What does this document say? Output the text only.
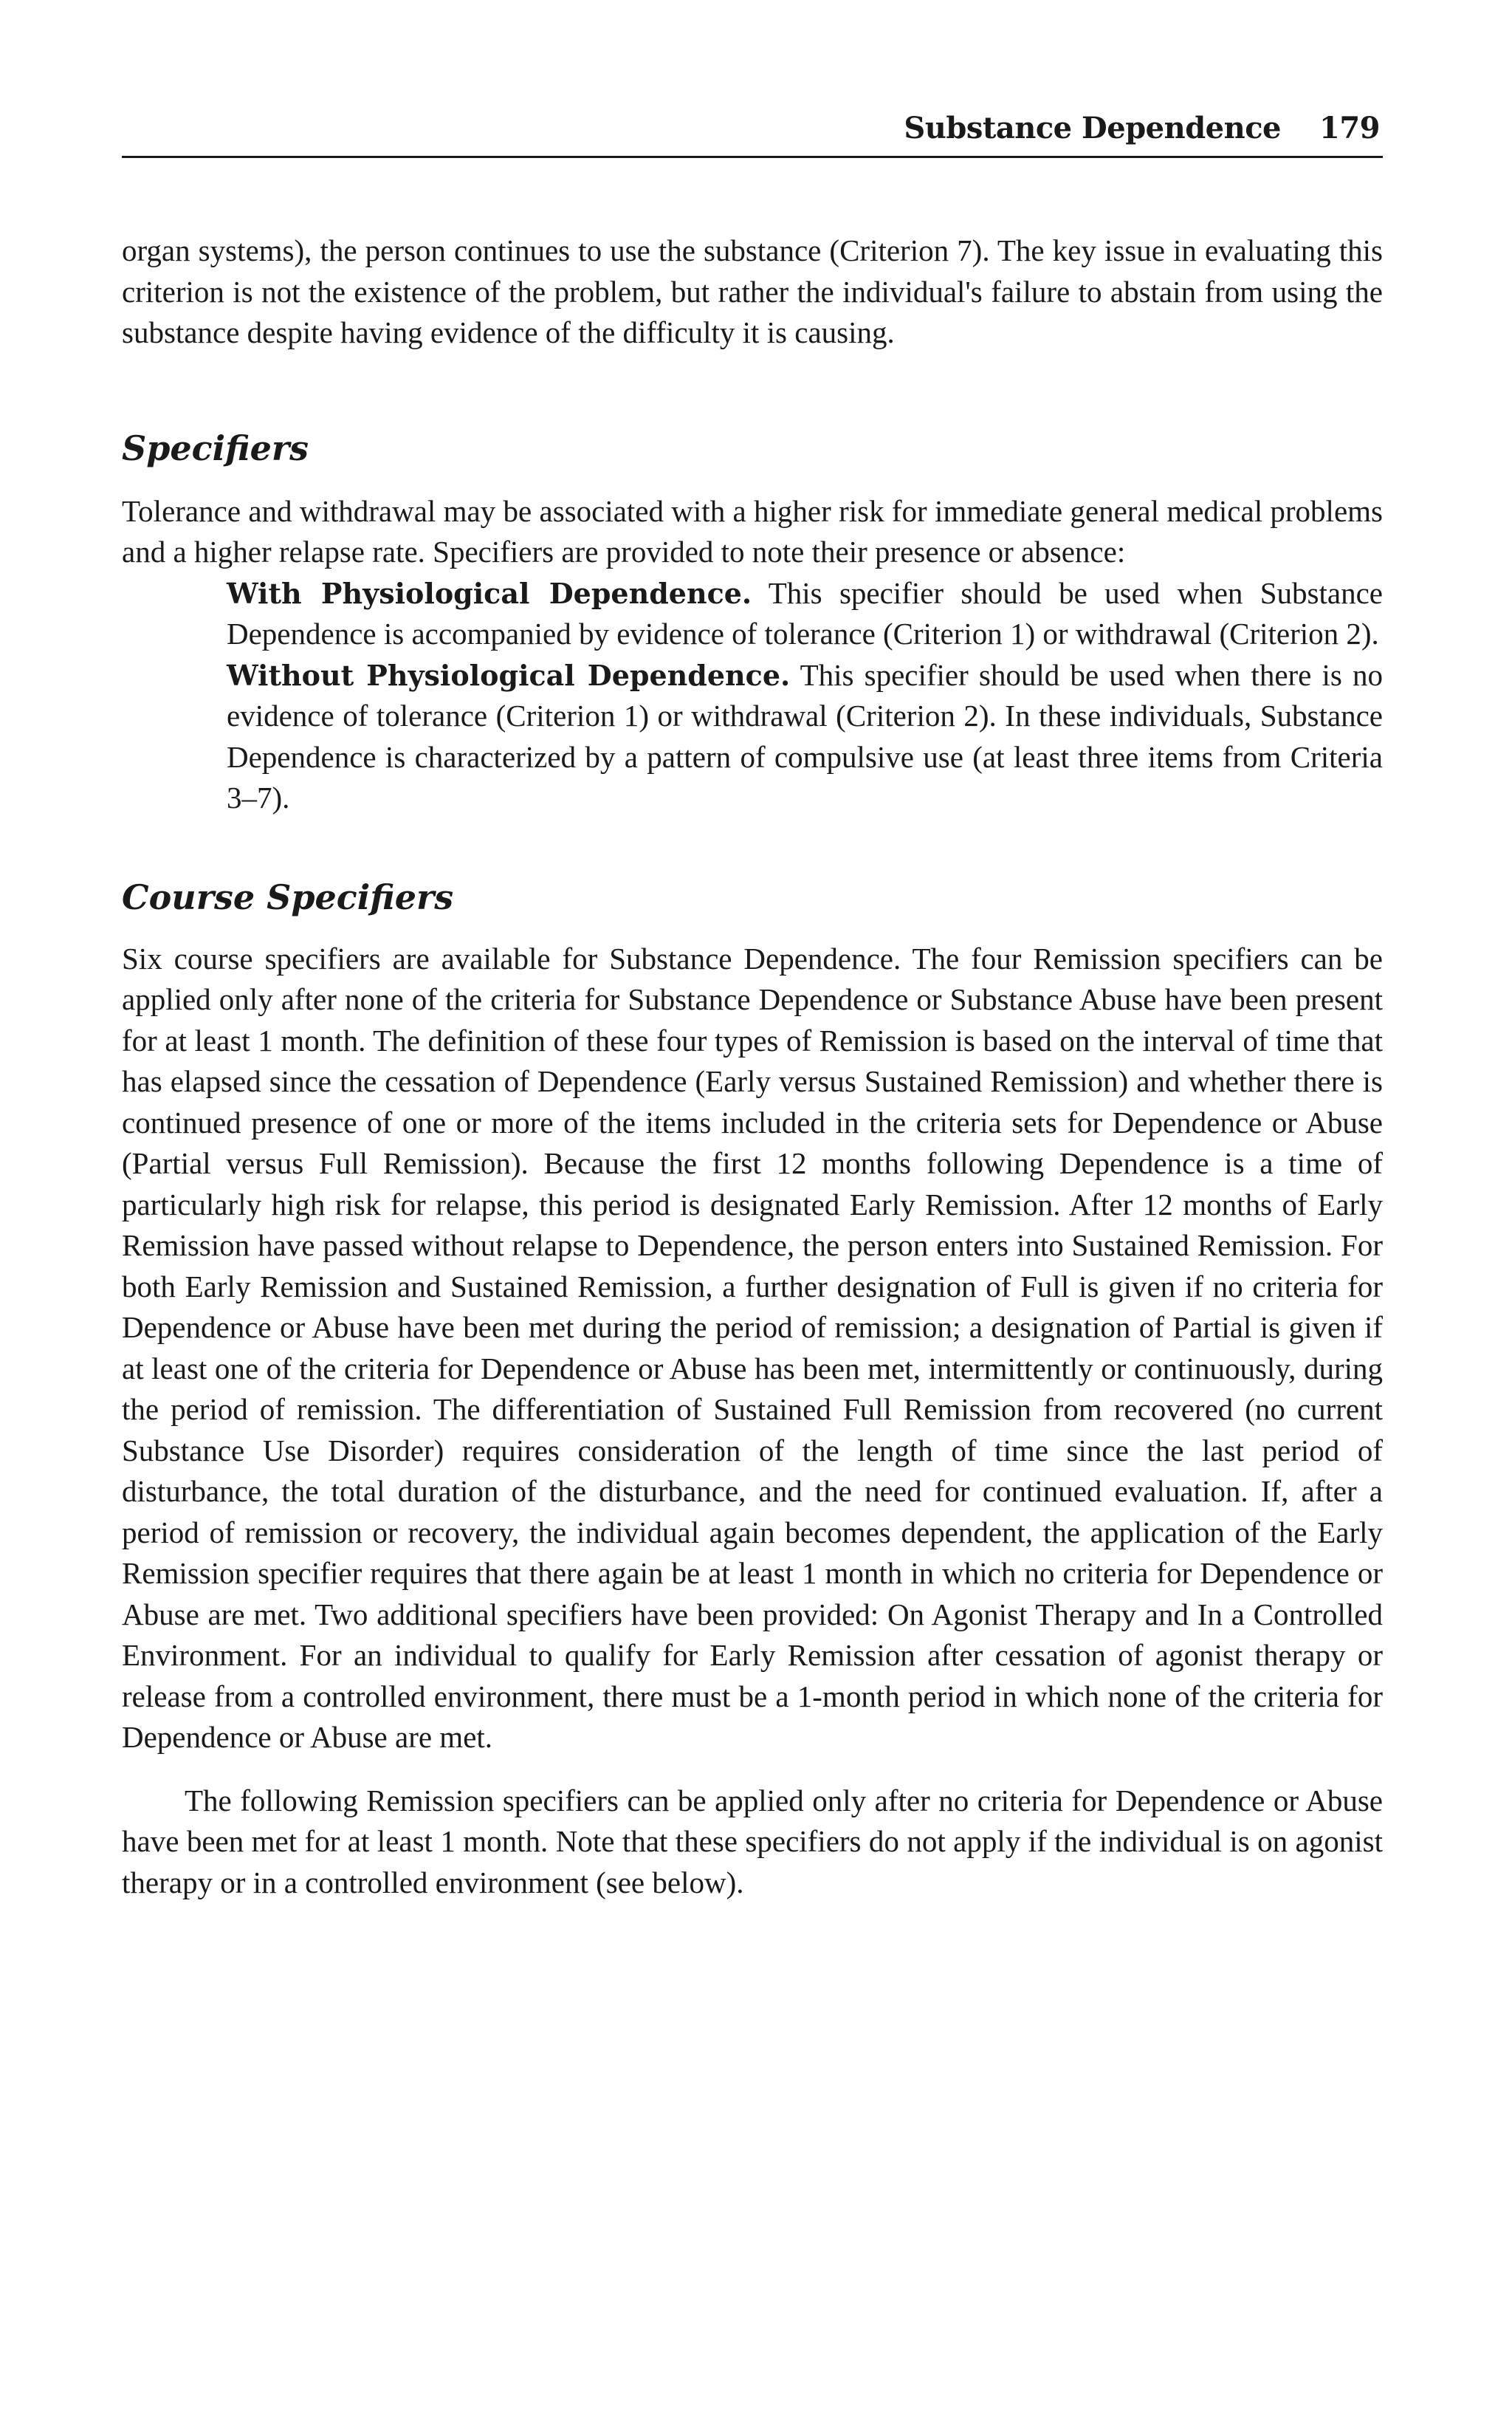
Substance Dependence 179

organ systems), the person continues to use the substance (Criterion 7). The key issue in evaluating this criterion is not the existence of the problem, but rather the individual's failure to abstain from using the substance despite having evidence of the difficulty it is causing.

Specifiers

Tolerance and withdrawal may be associated with a higher risk for immediate general medical problems and a higher relapse rate. Specifiers are provided to note their presence or absence:

With Physiological Dependence. This specifier should be used when Substance Dependence is accompanied by evidence of tolerance (Criterion 1) or withdrawal (Criterion 2).

Without Physiological Dependence. This specifier should be used when there is no evidence of tolerance (Criterion 1) or withdrawal (Criterion 2). In these individuals, Substance Dependence is characterized by a pattern of compulsive use (at least three items from Criteria 3–7).

Course Specifiers

Six course specifiers are available for Substance Dependence. The four Remission specifiers can be applied only after none of the criteria for Substance Dependence or Substance Abuse have been present for at least 1 month. The definition of these four types of Remission is based on the interval of time that has elapsed since the cessation of Dependence (Early versus Sustained Remission) and whether there is continued presence of one or more of the items included in the criteria sets for Dependence or Abuse (Partial versus Full Remission). Because the first 12 months following Dependence is a time of particularly high risk for relapse, this period is designated Early Remission. After 12 months of Early Remission have passed without relapse to Dependence, the person enters into Sustained Remission. For both Early Remission and Sustained Remission, a further designation of Full is given if no criteria for Dependence or Abuse have been met during the period of remission; a designation of Partial is given if at least one of the criteria for Dependence or Abuse has been met, intermittently or continuously, during the period of remission. The differentiation of Sustained Full Remission from recovered (no current Substance Use Disorder) requires consideration of the length of time since the last period of disturbance, the total duration of the disturbance, and the need for continued evaluation. If, after a period of remission or recovery, the individual again becomes dependent, the application of the Early Remission specifier requires that there again be at least 1 month in which no criteria for Dependence or Abuse are met. Two additional specifiers have been provided: On Agonist Therapy and In a Controlled Environment. For an individual to qualify for Early Remission after cessation of agonist therapy or release from a controlled environment, there must be a 1-month period in which none of the criteria for Dependence or Abuse are met.

The following Remission specifiers can be applied only after no criteria for Dependence or Abuse have been met for at least 1 month. Note that these specifiers do not apply if the individual is on agonist therapy or in a controlled environment (see below).
